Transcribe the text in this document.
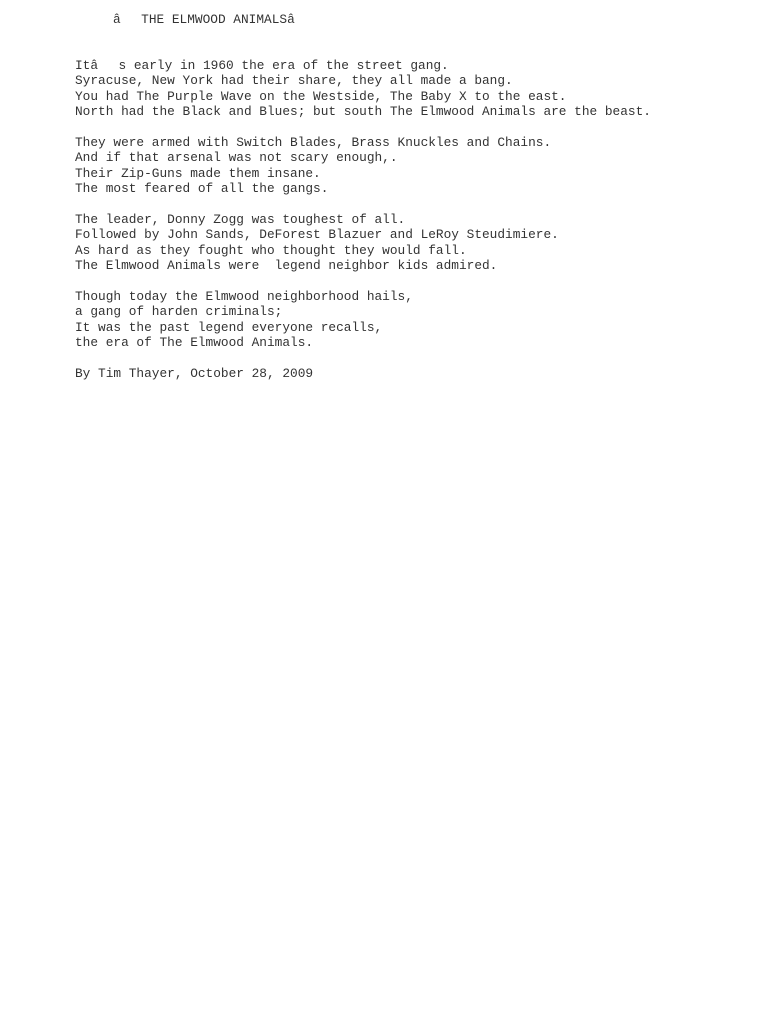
âTHE ELMWOOD ANIMALSâ
Itâs early in 1960 the era of the street gang.
Syracuse, New York had their share, they all made a bang.
You had The Purple Wave on the Westside, The Baby X to the east.
North had the Black and Blues; but south The Elmwood Animals are the beast.
They were armed with Switch Blades, Brass Knuckles and Chains.
And if that arsenal was not scary enough,.
Their Zip-Guns made them insane.
The most feared of all the gangs.
The leader, Donny Zogg was toughest of all.
Followed by John Sands, DeForest Blazuer and LeRoy Steudimiere.
As hard as they fought who thought they would fall.
The Elmwood Animals were  legend neighbor kids admired.
Though today the Elmwood neighborhood hails,
a gang of harden criminals;
It was the past legend everyone recalls,
the era of The Elmwood Animals.
By Tim Thayer, October 28, 2009
